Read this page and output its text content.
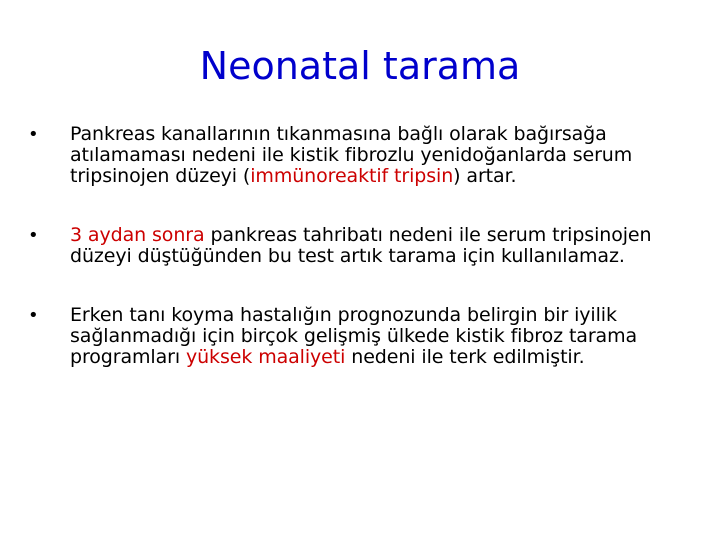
Neonatal tarama
•	Pankreas kanallarının tıkanmasına bağlı olarak bağırsağa atılamaması nedeni ile kistik fibrozlu yenidoğanlarda serum tripsinojen düzeyi (immünoreaktif tripsin) artar.
•	3 aydan sonra pankreas tahribatı nedeni ile serum tripsinojen düzeyi düştüğünden bu test artık tarama için kullanılamaz.
•	Erken tanı koyma hastalığın prognozunda belirgin bir iyilik sağlanmadığı için birçok gelişmiş ülkede kistik fibroz tarama programları yüksek maaliyeti nedeni ile terk edilmiştir.
